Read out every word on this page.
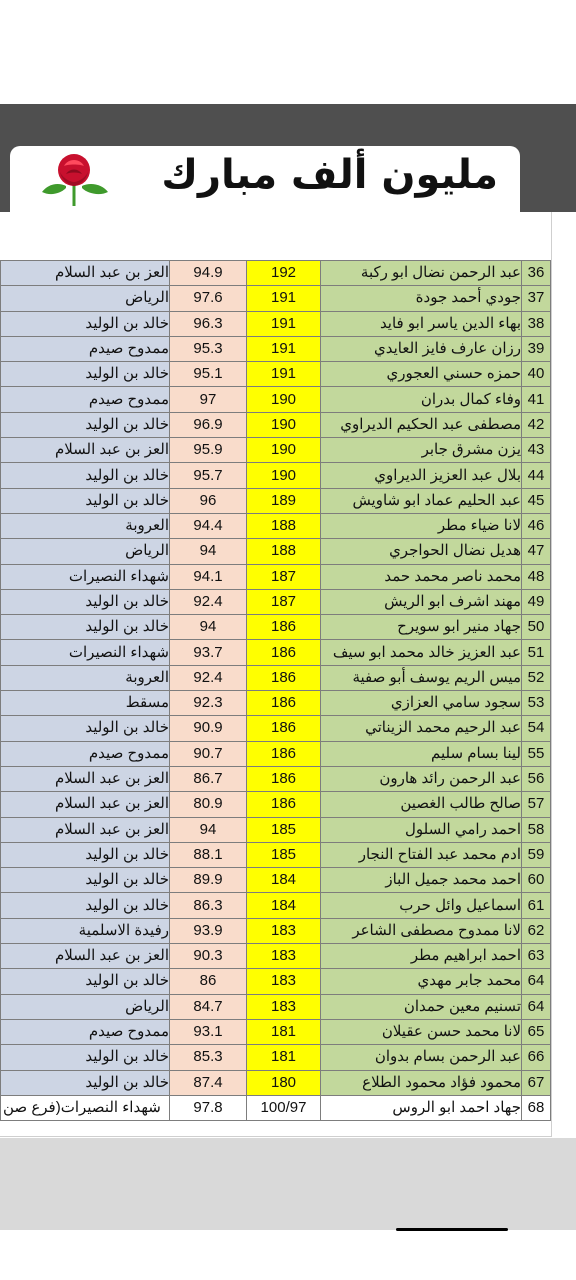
مليون ألف مبارك
العز بن عبد السلام	94.9	192	عبد الرحمن نضال ابو ركبة	36
الرياض	97.6	191	جودي أحمد جودة	37
خالد بن الوليد	96.3	191	بهاء الدين ياسر ابو فايد	38
ممدوح صيدم	95.3	191	رزان عارف فايز العايدي	39
خالد بن الوليد	95.1	191	حمزه حسني العجوري	40
ممدوح صيدم	97	190	وفاء كمال بدران	41
خالد بن الوليد	96.9	190	مصطفى عبد الحكيم الديراوي	42
العز بن عبد السلام	95.9	190	يزن مشرق جابر	43
خالد بن الوليد	95.7	190	بلال عبد العزيز الديراوي	44
خالد بن الوليد	96	189	عبد الحليم عماد ابو شاويش	45
العروبة	94.4	188	لانا ضياء مطر	46
الرياض	94	188	هديل نضال الحواجري	47
شهداء النصيرات	94.1	187	محمد ناصر محمد حمد	48
خالد بن الوليد	92.4	187	مهند اشرف ابو الريش	49
خالد بن الوليد	94	186	جهاد منير ابو سويرح	50
شهداء النصيرات	93.7	186	عبد العزيز خالد محمد ابو سيف	51
العروبة	92.4	186	ميس الريم يوسف أبو صفية	52
مسقط	92.3	186	سجود سامي العزازي	53
خالد بن الوليد	90.9	186	عبد الرحيم محمد الزيناتي	54
ممدوح صيدم	90.7	186	لينا بسام سليم	55
العز بن عبد السلام	86.7	186	عبد الرحمن رائد هارون	56
العز بن عبد السلام	80.9	186	صالح طالب الغصين	57
العز بن عبد السلام	94	185	احمد رامي السلول	58
خالد بن الوليد	88.1	185	ادم محمد عبد الفتاح النجار	59
خالد بن الوليد	89.9	184	احمد محمد جميل الباز	60
خالد بن الوليد	86.3	184	اسماعيل وائل حرب	61
رفيدة الاسلمية	93.9	183	لانا ممدوح مصطفى الشاعر	62
العز بن عبد السلام	90.3	183	احمد ابراهيم مطر	63
خالد بن الوليد	86	183	محمد جابر مهدي	64
الرياض	84.7	183	تسنيم معين حمدان	64
ممدوح صيدم	93.1	181	لانا محمد حسن عقيلان	65
خالد بن الوليد	85.3	181	عبد الرحمن بسام بدوان	66
خالد بن الوليد	87.4	180	محمود فؤاد محمود الطلاع	67
شهداء النصيرات(فرع صن	97.8	100/97	جهاد احمد ابو الروس	68
